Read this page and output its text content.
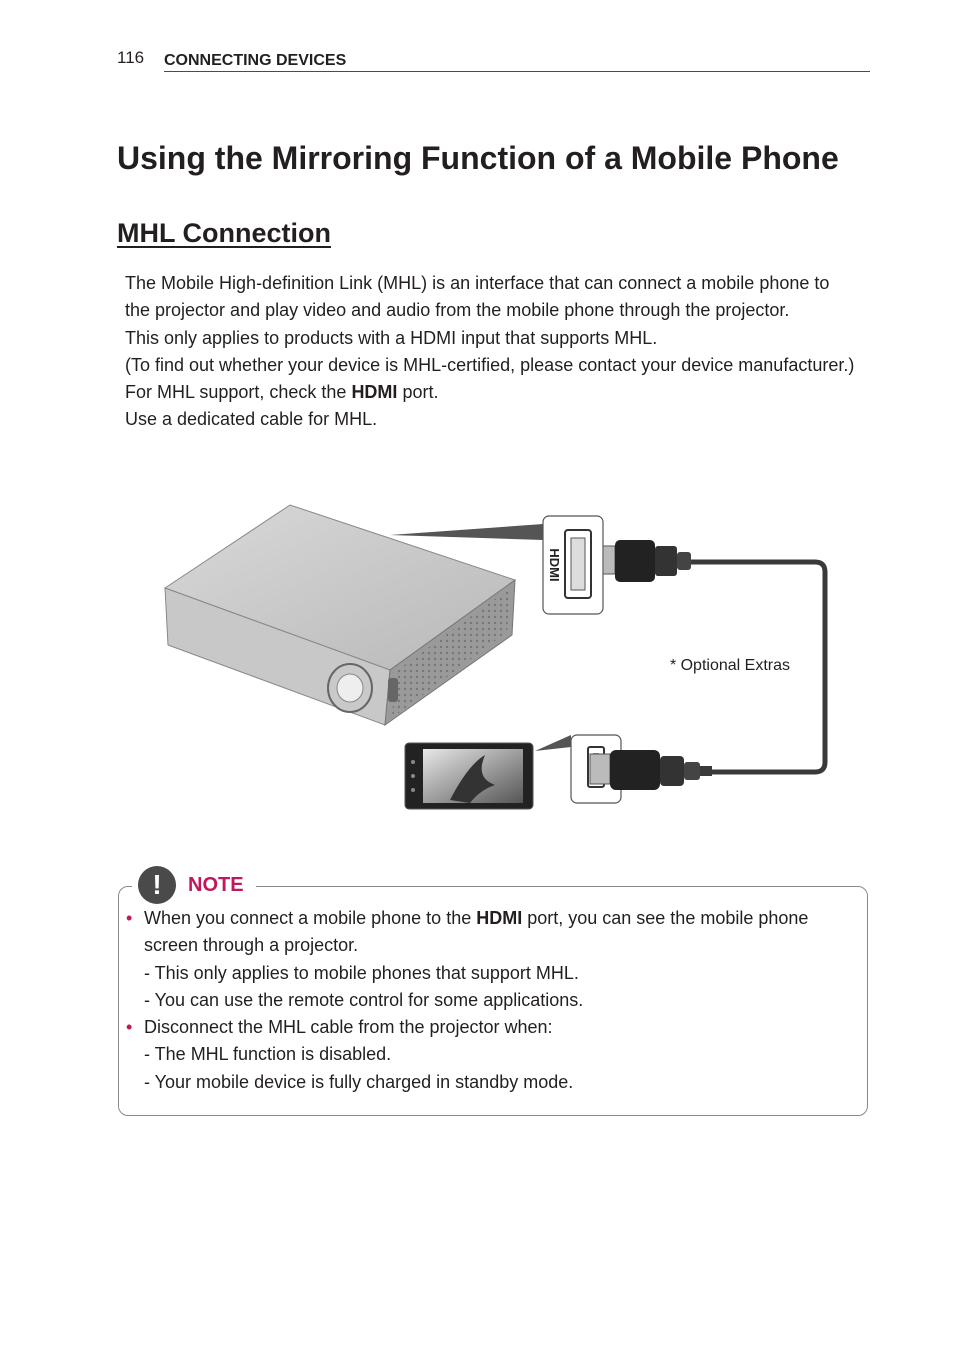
116 CONNECTING DEVICES
Using the Mirroring Function of a Mobile Phone
MHL Connection

The Mobile High-definition Link (MHL) is an interface that can connect a mobile phone to the projector and play video and audio from the mobile phone through the projector.

This only applies to products with a HDMI input that supports MHL.

(To find out whether your device is MHL-certified, please contact your device manufacturer.)

For MHL support, check the HDMI port.

Use a dedicated cable for MHL.

HDMI
* Optional Extras
!	NOTE
• When you connect a mobile phone to the HDMI port, you can see the mobile phone screen through a projector.

- This only applies to mobile phones that support MHL.

- You can use the remote control for some applications.

• Disconnect the MHL cable from the projector when:

- The MHL function is disabled.

- Your mobile device is fully charged in standby mode.
